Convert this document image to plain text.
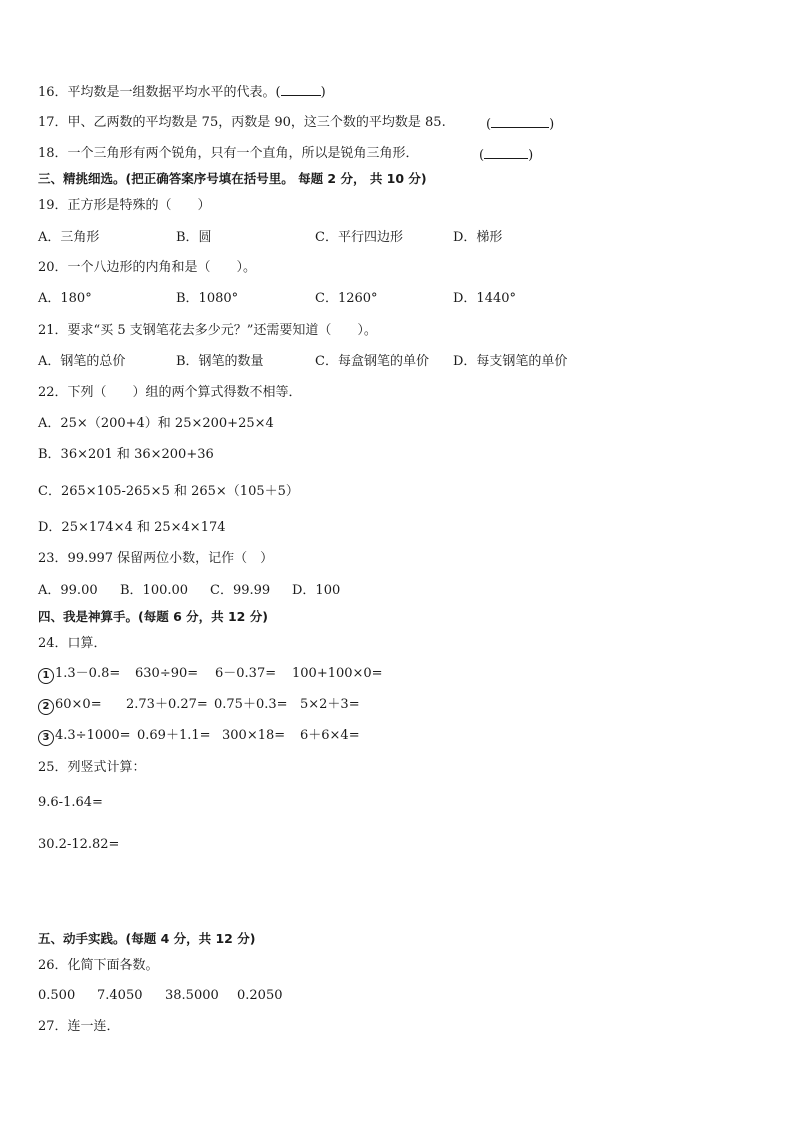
16．平均数是一组数据平均水平的代表。(	)
17．甲、乙两数的平均数是 75，丙数是 90，这三个数的平均数是 85.	(	)
18．一个三角形有两个锐角，只有一个直角，所以是锐角三角形．	(	)
三、精挑细选。(把正确答案序号填在括号里。 每题 2 分， 共 10 分)
19．正方形是特殊的（　　）
A．三角形	B．圆	C．平行四边形	D．梯形
20．一个八边形的内角和是（　　）。
A．180°	B．1080°	C．1260°	D．1440°
21．要求“买 5 支钢笔花去多少元？”还需要知道（　　）。
A．钢笔的总价	B．钢笔的数量	C．每盒钢笔的单价 D．每支钢笔的单价
22．下列（　　）组的两个算式得数不相等．
A．25×（200+4）和 25×200+25×4
B．36×201 和 36×200+36
C．265×105-265×5 和 265×（105＋5）
D．25×174×4 和 25×4×174
23．99.997 保留两位小数，记作（　）
A．99.00 B．100.00 C．99.99 D．100
四、我是神算手。(每题 6 分，共 12 分)
24．口算．
1 1.3－0.8= 630÷90= 6－0.37= 100+100×0=
2 60×0= 2.73＋0.27= 0.75＋0.3= 5×2＋3=
3 4.3÷1000= 0.69＋1.1= 300×18= 6＋6×4=
25．列竖式计算：
9.6-1.64=
30.2-12.82=
五、动手实践。(每题 4 分，共 12 分)
26．化简下面各数。
0.500 7.4050 38.5000 0.2050
27．连一连．
